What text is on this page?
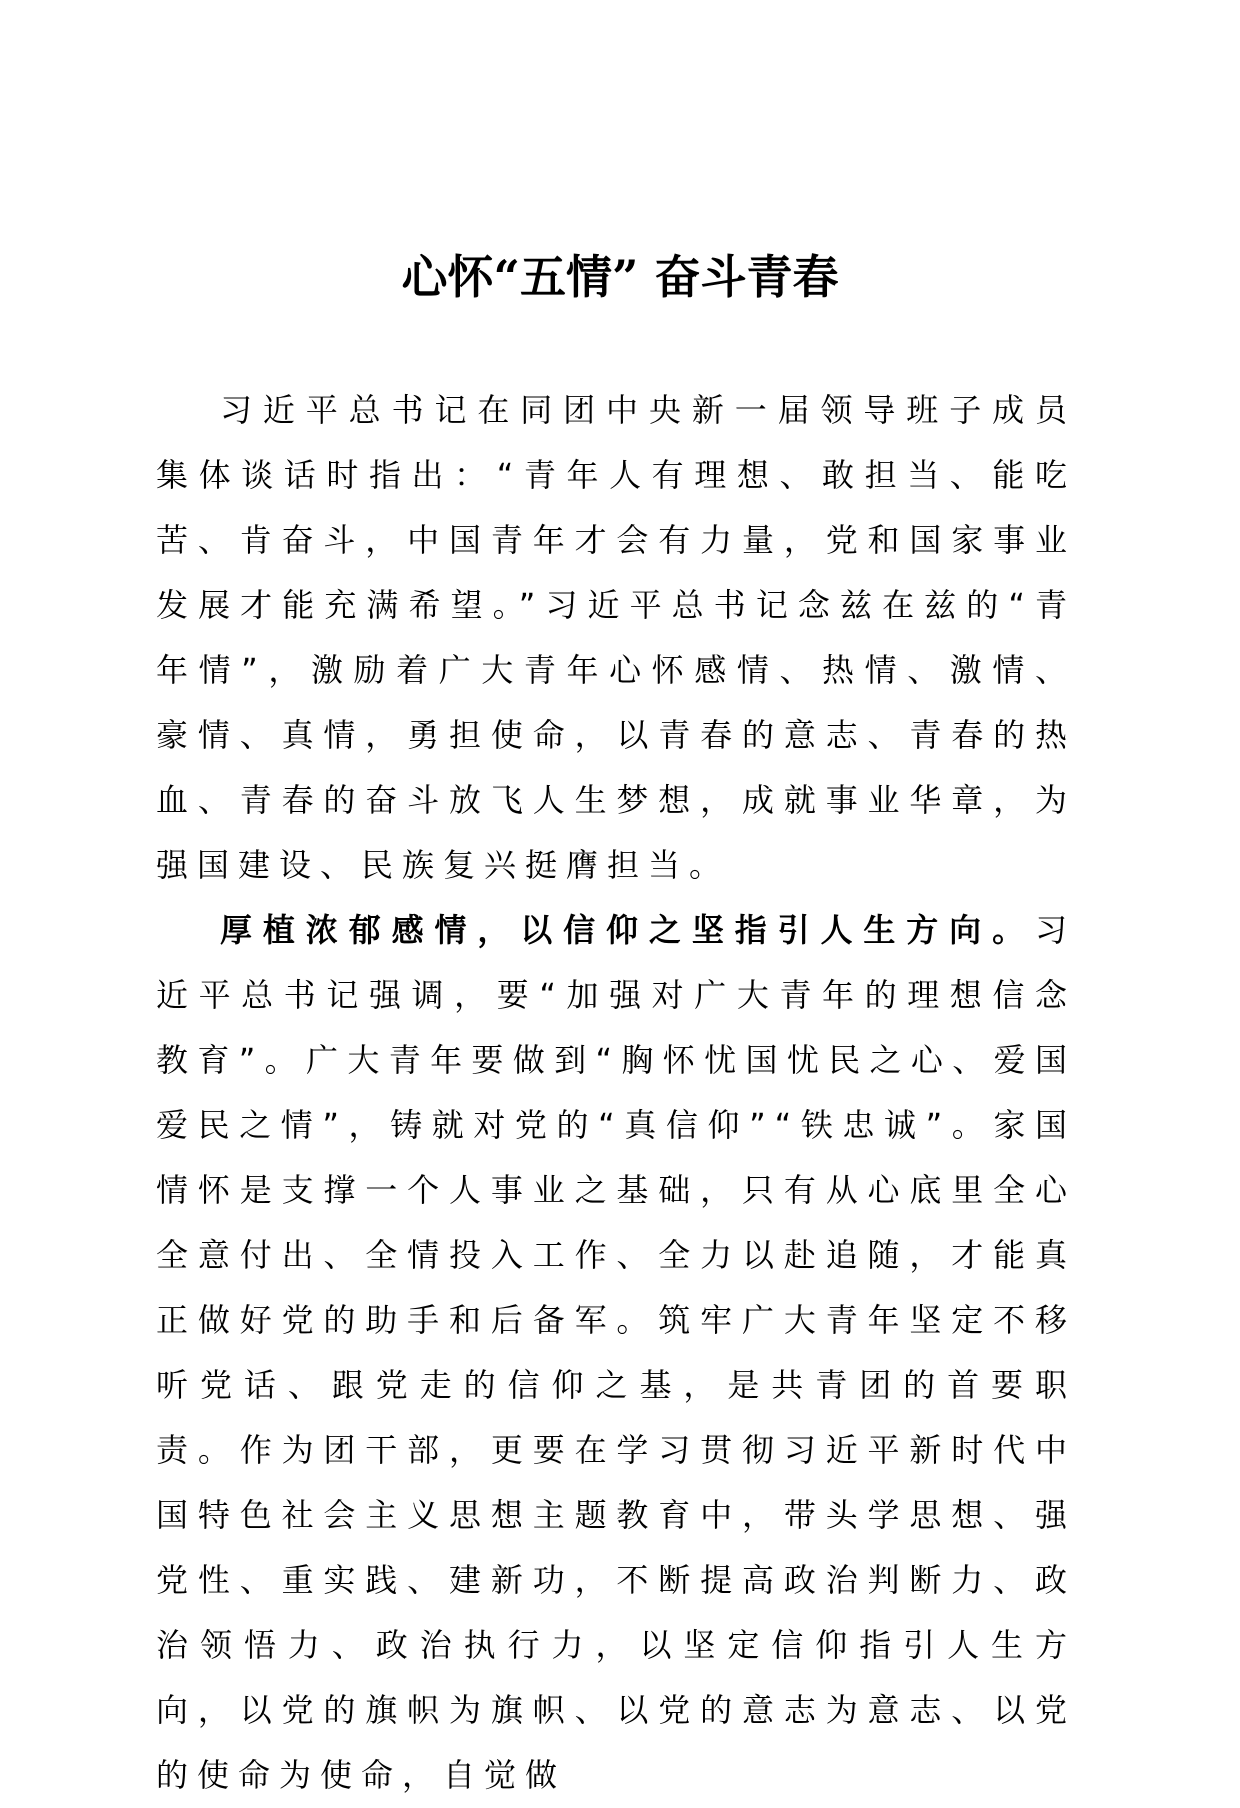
心怀“五情” 奋斗青春

习近平总书记在同团中央新一届领导班子成员集体谈话时指出：“青年人有理想、敢担当、能吃苦、肯奋斗，中国青年才会有力量，党和国家事业发展才能充满希望。”习近平总书记念兹在兹的“青年情”，激励着广大青年心怀感情、热情、激情、豪情、真情，勇担使命，以青春的意志、青春的热血、青春的奋斗放飞人生梦想，成就事业华章，为强国建设、民族复兴挺膺担当。

厚植浓郁感情，以信仰之坚指引人生方向。习近平总书记强调，要“加强对广大青年的理想信念教育”。广大青年要做到“胸怀忧国忧民之心、爱国爱民之情”，铸就对党的“真信仰”“铁忠诚”。家国情怀是支撑一个人事业之基础，只有从心底里全心全意付出、全情投入工作、全力以赴追随，才能真正做好党的助手和后备军。筑牢广大青年坚定不移听党话、跟党走的信仰之基，是共青团的首要职责。作为团干部，更要在学习贯彻习近平新时代中国特色社会主义思想主题教育中，带头学思想、强党性、重实践、建新功，不断提高政治判断力、政治领悟力、政治执行力，以坚定信仰指引人生方向，以党的旗帜为旗帜、以党的意志为意志、以党的使命为使命，自觉做
